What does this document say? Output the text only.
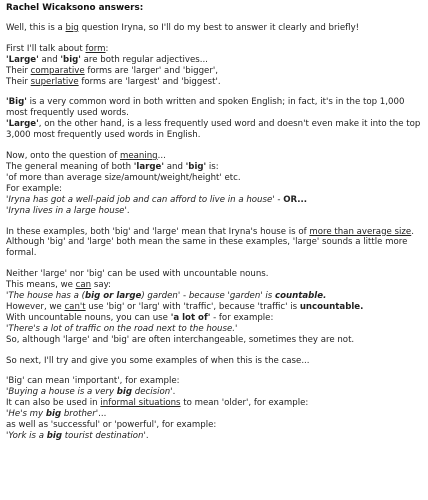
Rachel Wicaksono answers:
Well, this is a big question Iryna, so I'll do my best to answer it clearly and briefly!
First I'll talk about form:
'Large' and 'big' are both regular adjectives...
Their comparative forms are 'larger' and 'bigger',
Their superlative forms are 'largest' and 'biggest'.
'Big' is a very common word in both written and spoken English; in fact, it's in the top 1,000 most frequently used words.
'Large', on the other hand, is a less frequently used word and doesn't even make it into the top 3,000 most frequently used words in English.
Now, onto the question of meaning...
The general meaning of both 'large' and 'big' is:
'of more than average size/amount/weight/height' etc.
For example:
'Iryna has got a well-paid job and can afford to live in a house' - OR...
'Iryna lives in a large house'.
In these examples, both 'big' and 'large' mean that Iryna's house is of more than average size. Although 'big' and 'large' both mean the same in these examples, 'large' sounds a little more formal.
Neither 'large' nor 'big' can be used with uncountable nouns.
This means, we can say:
'The house has a (big or large) garden' - because 'garden' is countable.
However, we can't use 'big' or 'larg' with 'traffic', because 'traffic' is uncountable.
With uncountable nouns, you can use 'a lot of' - for example:
'There's a lot of traffic on the road next to the house.'
So, although 'large' and 'big' are often interchangeable, sometimes they are not.
So next, I'll try and give you some examples of when this is the case...
'Big' can mean 'important', for example:
'Buying a house is a very big decision'.
It can also be used in informal situations to mean 'older', for example:
'He's my big brother'...
as well as 'successful' or 'powerful', for example:
'York is a big tourist destination'.
